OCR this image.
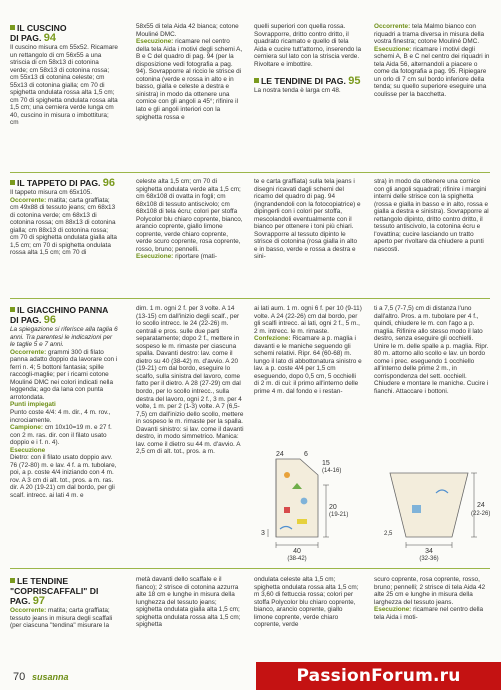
IL CUSCINO
DI PAG. 94

Il cuscino misura cm 55x52. Ricamare un rettangolo di cm 56x55 a una striscia di cm 58x13 di cotonina verde; cm 58x13 di cotonina rossa; cm 55x13 di cotonina celeste; cm 55x13 di cotonina gialla; cm 70 di spighetta ondulata rossa alta 1,5 cm; cm 70 di spighetta ondulata rossa alta 1,5 cm; una cerniera verde lunga cm 40, cuscino in misura o imbottitura; cm

IL TAPPETO DI PAG. 96

Il tappeto misura cm 65x105.

Occorrente: matita; carta graffiata; cm 49x88 di tessuto jeans; cm 68x13 di cotonina verde; cm 68x13 di cotonina rossa; cm 88x13 di cotonina gialla; cm 88x13 di cotonina rossa; cm 70 di spighetta ondulata gialla alta 1,5 cm; cm 70 di spighetta ondulata rossa alta 1,5 cm; cm 70 di

IL GIACCHINO PANNA DI PAG. 96

La spiegazione si riferisce alla taglia 6 anni. Tra parentesi le indicazioni per le taglie 5 e 7 anni.

Occorrente: grammi 300 di filato panna adatto doppio da lavorare con i ferri n. 4; 5 bottoni fantasia; spille raccogli-maglie; per i ricami cotone Mouliné DMC nei colori indicati nella leggenda; ago da lana con punta arrotondata.

Punti impiegati

Punto coste 4/4: 4 m. dir., 4 m. rov., incrociamente.

Campione: cm 10x10=19 m. e 27 f. con 2 m. ras. dir. con il filato usato doppio e i f. n. 4).

Esecuzione

Dietro: con il filato usato doppio avv. 76 (72-80) m. e lav. 4 f. a m. tubolare, poi, a p. coste 4/4 iniziando con 4 m. rov. A 3 cm di alt. tot., pros. a m. ras. dir. A 20 (19-21) cm dal bordo, per gli scalf. intrecc. ai lati 4 m. e

LE TENDINE "COPRISCAFFALI" DI PAG. 97

Occorrente: matita; carta graffiata; tessuto jeans in misura degli scaffali (per ciascuna "tendina" misurare la

58x55 di tela Aida 42 bianca; cotone Mouliné DMC.

Esecuzione: ricamare nel centro della tela Aida i motivi degli schemi A, B e C del quadro di pag. 94 (per la disposizione vedi fotografia a pag. 94). Sovrapporre al riccio le strisce di cotonina (verde e rossa in alto e in basso, gialla e celeste a destra e sinistra) in modo da ottenere una cornice con gli angoli a 45°; rifinire il lato e gli angoli interiori con la spighetta rossa e

celeste alta 1,5 cm; cm 70 di spighetta ondulata verde alta 1,5 cm; cm 68x108 di ovatta in fogli; cm 68x108 di tessuto antiscivolo; cm 68x108 di tela écru; colori per stoffa Polycolor blu chiaro coprente, bianco, arancio coprente, giallo limone coprente, verde chiaro coprente, verde scuro coprente, rosa coprente, rosso, bruno; pennelli.

Esecuzione: riportare (mati-

dim. 1 m. ogni 2 f. per 3 volte. A 14 (13-15) cm dall'inizio degli scalf., per lo scollo intrecc. le 24 (22-26) m. centrali e pros. sulle due parti separatamente; dopo 2 f., mettere in sospeso le m. rimaste per ciascuna spalla. Davanti destro: lav. come il dietro su 40 (38-42) m. d'avvio. A 20 (19-21) cm dal bordo, eseguire lo scalfo, sulla sinistra del lavoro, come fatto per il dietro. A 28 (27-29) cm dal bordo, per lo scollo intrecc., sulla destra del lavoro, ogni 2 f., 3 m. per 4 volte, 1 m. per 2 (1-3) volte. A 7 (6,5-7,5) cm dall'inizio dello scollo, mettere in sospeso le m. rimaste per la spalla. Davanti sinistro: si lav. come il davanti destro, in modo simmetrico. Manica: lav. come il dietro su 44 m. d'avvio. A 2,5 cm di alt. tot., pros. a m.

metà davanti dello scaffale e il fianco); 2 strisce di cotonina azzurra alte 18 cm e lunghe in misura della lunghezza del tessuto jeans; spighetta ondulata gialla alta 1,5 cm; spighetta ondulata rossa alta 1,5 cm; spighetta

quelli superiori con quella rossa. Sovrapporre, dritto contro dritto, il quadrato ricamato e quello di tela Aida e cucire tutt'attorno, inserendo la cerniera sul lato con la striscia verde. Rivoltare e imbottire.

LE TENDINE DI PAG. 95

La nostra tenda è larga cm 48.

te e carta graffiata) sulla tela jeans i disegni ricavati dagli schemi del ricamo del quadro di pag. 94 (ingrandendoli con la fotocopiatrice) e dipingerli con i colori per stoffa, mescolandoli eventualmente con il bianco per ottenere i toni più chiari. Sovrapporre al tessuto dipinto le strisce di cotonina (rosa gialla in alto e in basso, verde e rossa a destra e sini-

ai lati aum. 1 m. ogni 6 f. per 10 (9-11) volte. A 24 (22-26) cm dal bordo, per gli scalfi intrecc. ai lati, ogni 2 f., 5 m., 2 m. intrecc. le m. rimaste.

Confezione: Ricamare a p. maglia i davanti e le maniche seguendo gli schemi relativi. Ripr. 64 (60-68) m. lungo il lato di abbottonatura sinistro e lav. a p. coste 4/4 per 1,5 cm eseguendo, dopo 0,5 cm, 5 occhielli di 2 m. di cui: il primo all'interno delle prime 4 m. dal fondo e i restan-

ondulata celeste alta 1,5 cm; spighetta ondulata rossa alta 1,5 cm; m 3,60 di fettuccia rossa; colori per stoffa Polycolor blu chiaro coprente, bianco, arancio coprente, giallo limone coprente, verde chiaro coprente, verde

Occorrente: tela Malmo bianco con riquadri a trama diversa in misura della vostra finestra; cotone Mouliné DMC.

Esecuzione: ricamare i motivi degli schemi A, B e C nel centro dei riquadri in tela Aida 56, alternandoli a piacere o come da fotografia a pag. 95. Ripiegare un orlo di 7 cm sul bordo inferiore della tenda; su quello superiore eseguire una coulisse per la bacchetta.

stra) in modo da ottenere una cornice con gli angoli squadrati; rifinire i margini interni delle strisce con la spighetta (rossa e gialla in basso e in alto, rossa e gialla a destra e sinistra). Sovrapporre al rettangolo dipinto, dritto contro dritto, il tessuto antiscivolo, la cotonina écru e l'ovattina; cucire lasciando un tratto aperto per rivoltare da chiudere a punti nascosti.

ti a 7,5 (7-7,5) cm di distanza l'uno dall'altro. Pros. a m. tubolare per 4 f., quindi, chiudere le m. con l'ago a p. maglia. Rifinire allo stesso modo il lato destro, senza eseguire gli occhielli. Unire le m. delle spalle a p. maglia. Ripr. 80 m. attorno allo scollo e lav. un bordo come i prec. eseguendo 1 occhiello all'interno delle prime 2 m., in corrispondenza del sett. occhiell. Chiudere e montare le maniche. Cucire i fianchi. Attaccare i bottoni.

scuro coprente, rosa coprente, rosso, bruno; pennelli; 2 strisce di tela Aida 42 alte 25 cm e lunghe in misura della larghezza del tessuto jeans.

Esecuzione: ricamare nel centro della tela Aida i moti-

40
(38-42)
20
(19-21)
3
15
(14-16)
6
24
34
(32-36)
24
(22-26)
2,5
70 susanna	PassionForum.ru
